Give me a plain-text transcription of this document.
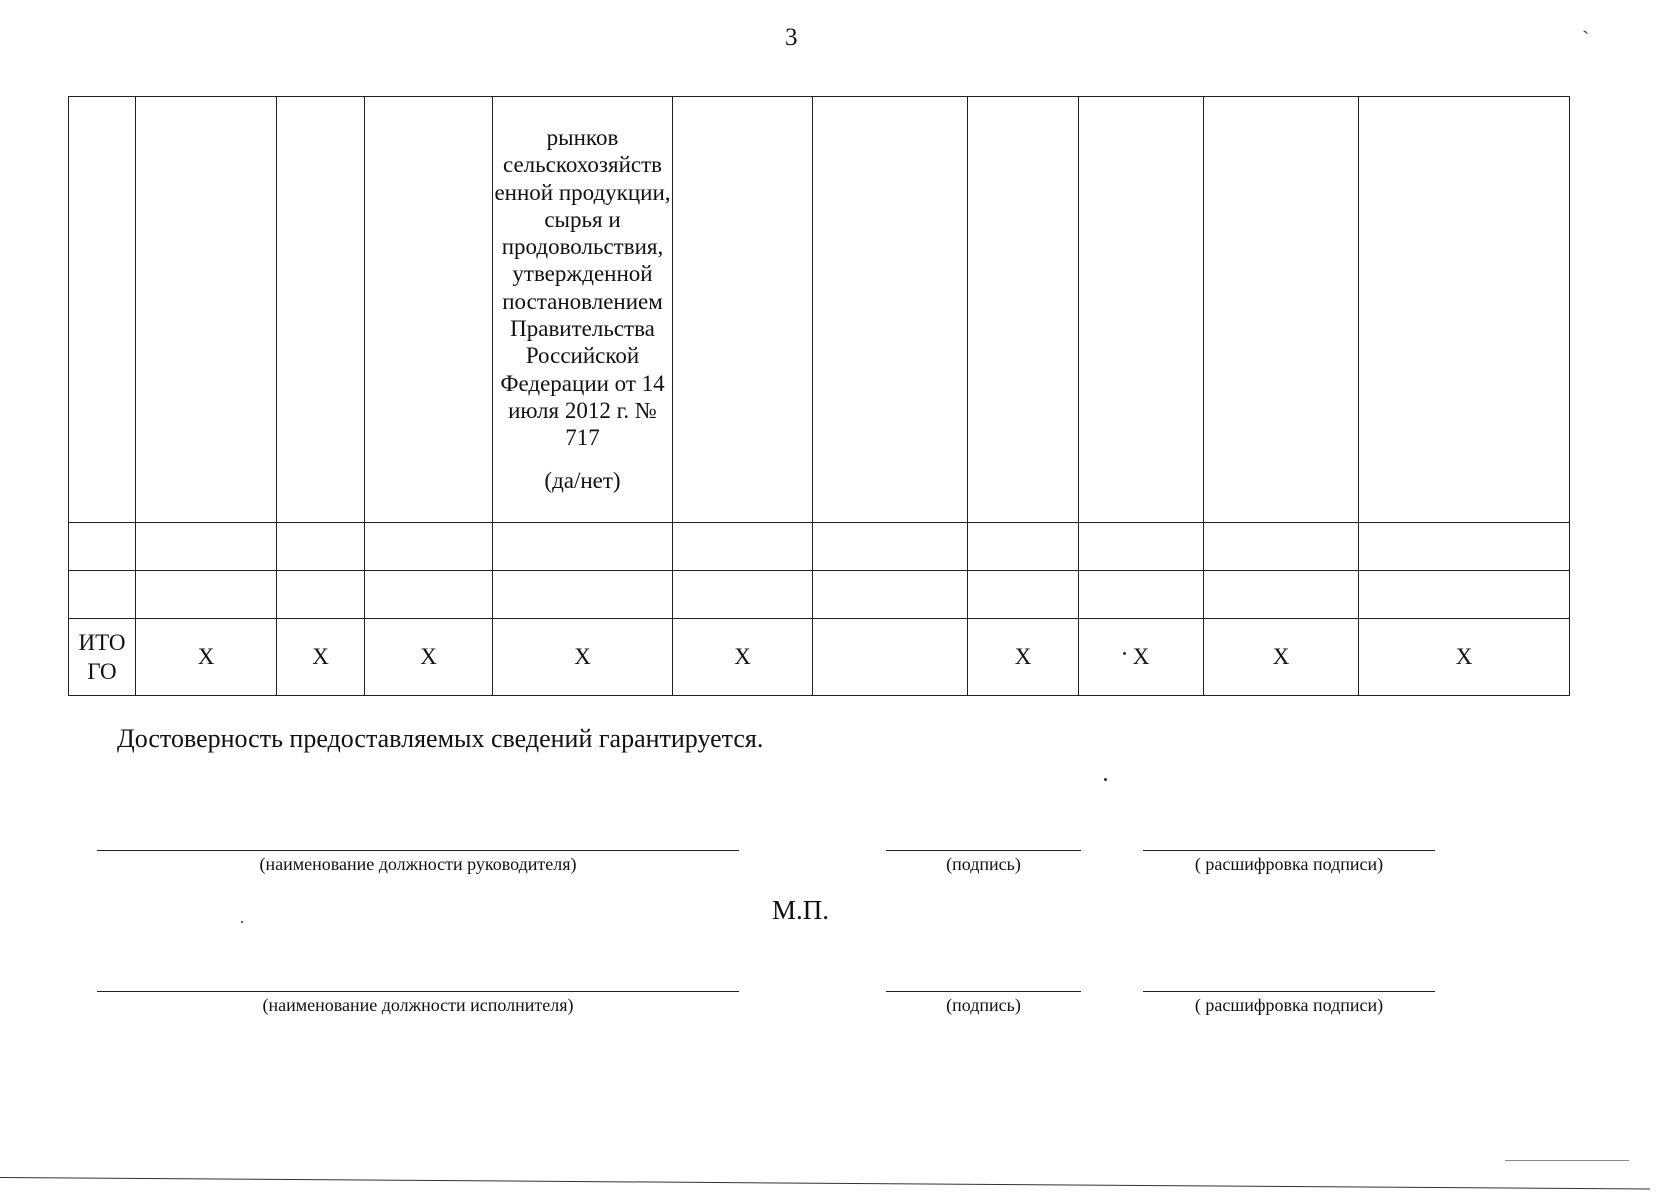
3	`
				рынков сельскохозяйств енной продукции, сырья и продовольствия, утвержденной постановлением Правительства Российской Федерации от 14 июля 2012 г. № 717
(да/нет)						

ИТО ГО	Х	Х	Х	Х	Х		Х	Х	Х	Х
Достоверность предоставляемых сведений гарантируется.
(наименование должности руководителя)	(подпись)	( расшифровка подписи)
М.П.
(наименование должности исполнителя)	(подпись)	( расшифровка подписи)
